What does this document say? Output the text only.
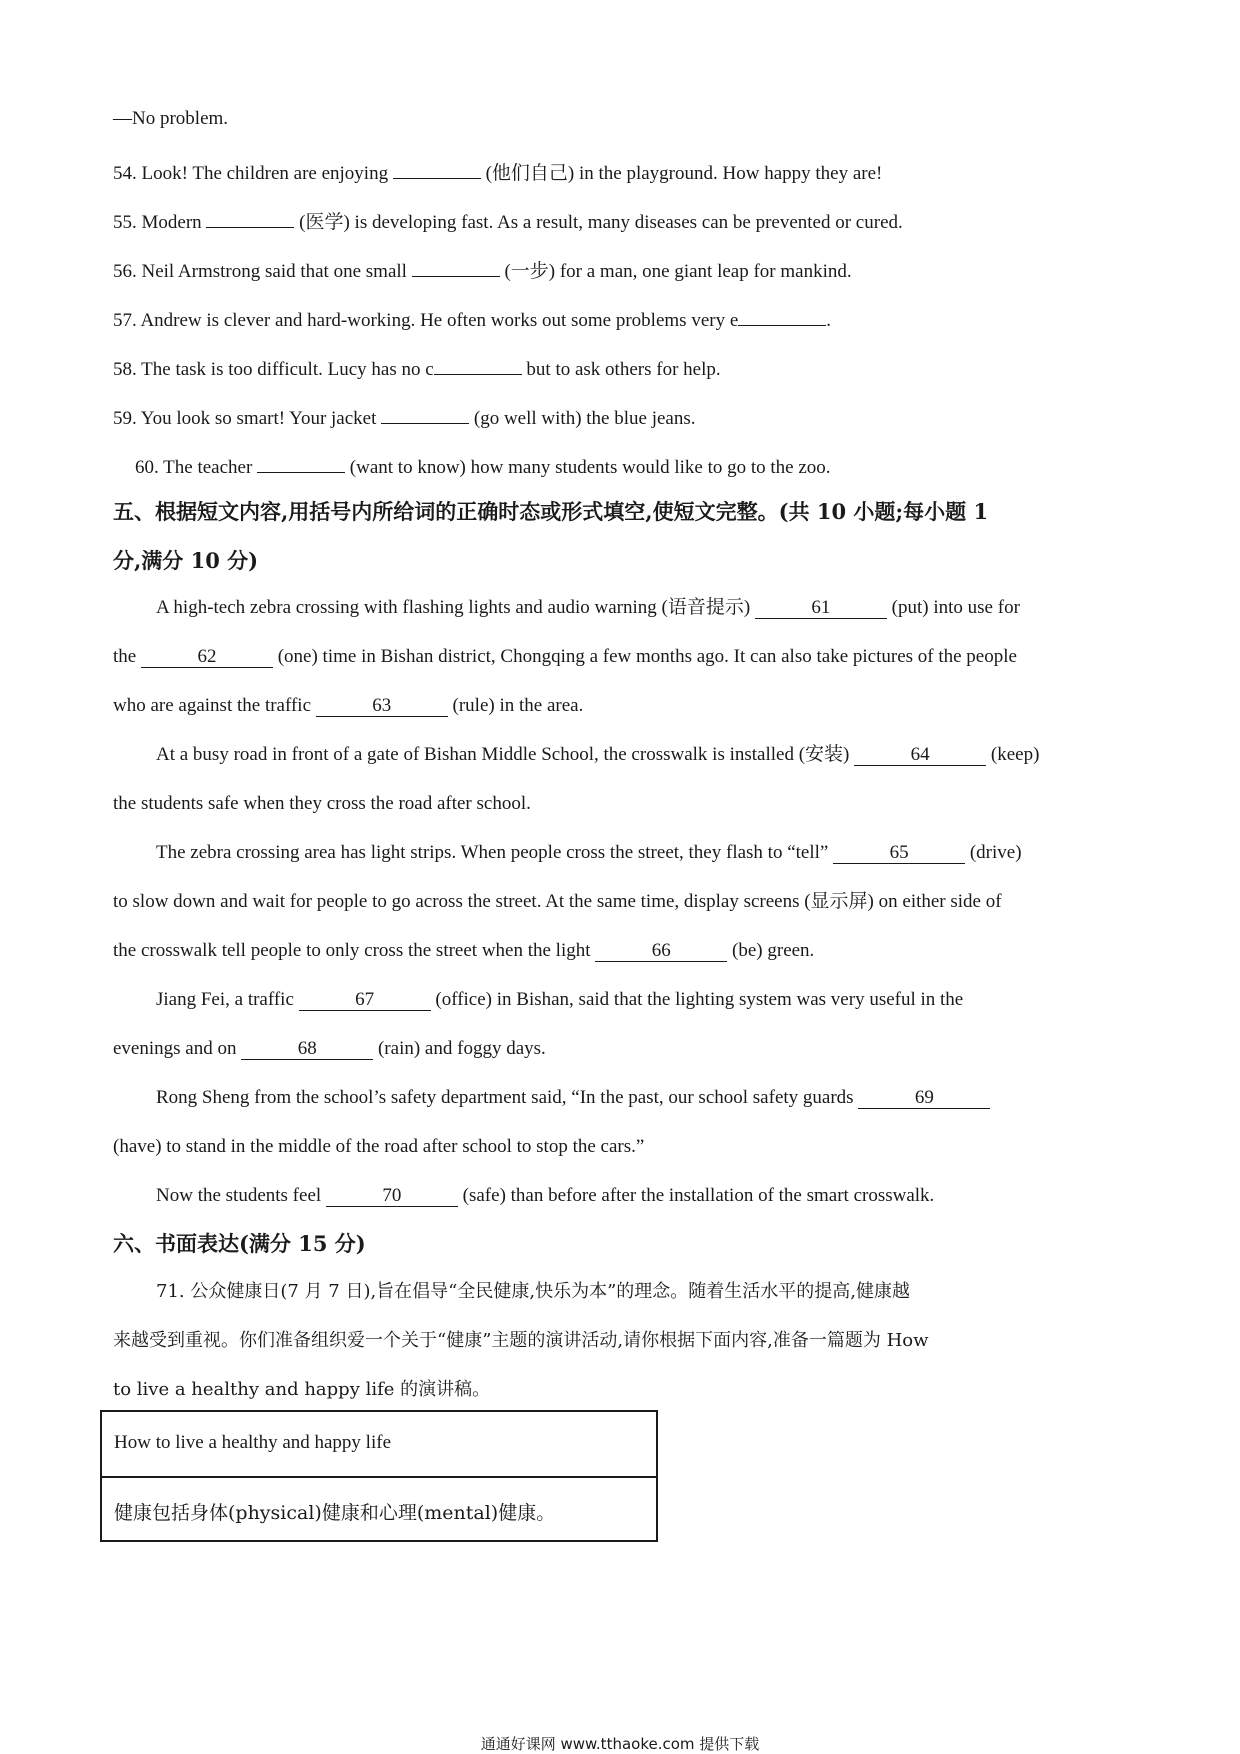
—No problem.
54. Look! The children are enjoying	(他们自己) in the playground. How happy they are!
55. Modern	(医学) is developing fast. As a result, many diseases can be prevented or cured.
56. Neil Armstrong said that one small	(一步) for a man, one giant leap for mankind.
57. Andrew is clever and hard-working. He often works out some problems very e	.
58. The task is too difficult. Lucy has no c	but to ask others for help.
59. You look so smart! Your jacket	(go well with) the blue jeans.
60. The teacher	(want to know) how many students would like to go to the zoo.
五、根据短文内容,用括号内所给词的正确时态或形式填空,使短文完整。(共 10 小题;每小题 1
分,满分 10 分)
A high-tech zebra crossing with flashing lights and audio warning (语音提示)	61	(put) into use for
the	62	(one) time in Bishan district, Chongqing a few months ago. It can also take pictures of the people
who are against the traffic	63	(rule) in the area.
At a busy road in front of a gate of Bishan Middle School, the crosswalk is installed (安装)	64	(keep)
the students safe when they cross the road after school.
The zebra crossing area has light strips. When people cross the street, they flash to “tell”	65	(drive)
to slow down and wait for people to go across the street. At the same time, display screens (显示屏) on either side of
the crosswalk tell people to only cross the street when the light	66	(be) green.
Jiang Fei, a traffic	67	(office) in Bishan, said that the lighting system was very useful in the
evenings and on	68	(rain) and foggy days.
Rong Sheng from the school’s safety department said, “In the past, our school safety guards	69
(have) to stand in the middle of the road after school to stop the cars.”
Now the students feel	70	(safe) than before after the installation of the smart crosswalk.
六、书面表达(满分 15 分)
71. 公众健康日(7 月 7 日),旨在倡导“全民健康,快乐为本”的理念。随着生活水平的提高,健康越
来越受到重视。你们准备组织爱一个关于“健康”主题的演讲活动,请你根据下面内容,准备一篇题为 How
to live a healthy and happy life 的演讲稿。
How to live a healthy and happy life
健康包括身体(physical)健康和心理(mental)健康。
通通好课网 www.tthaoke.com 提供下载
